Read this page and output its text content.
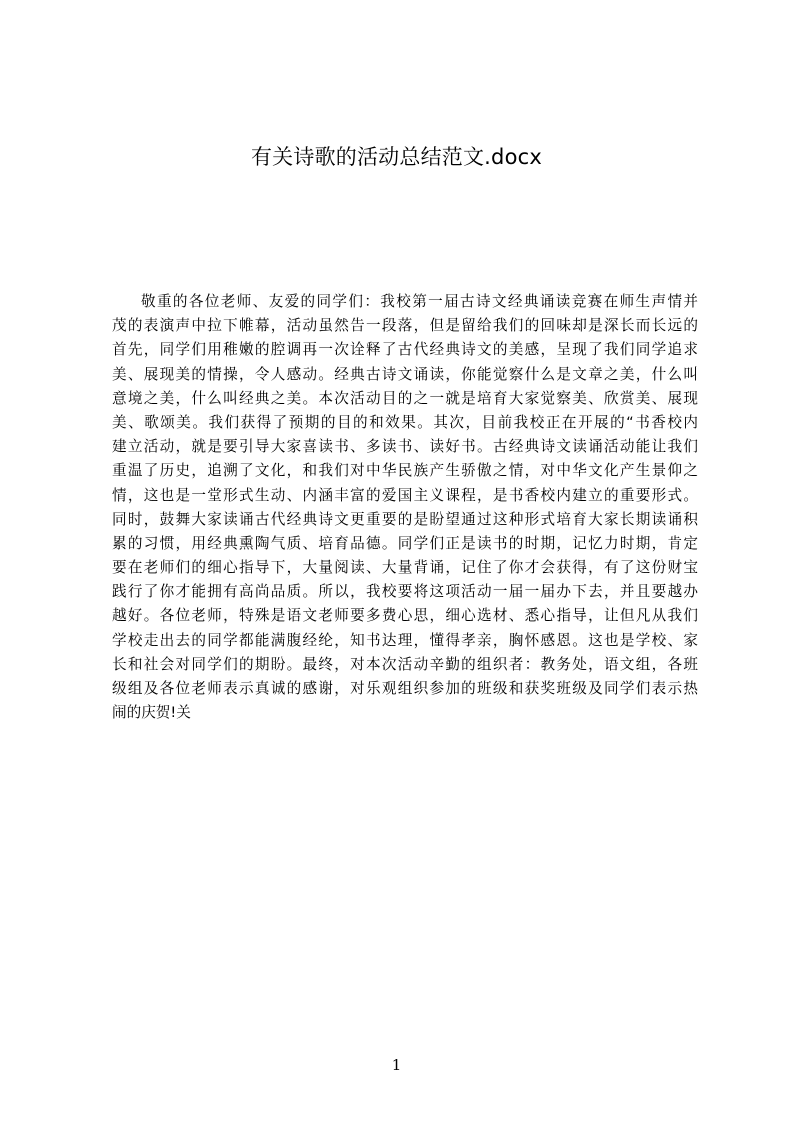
有关诗歌的活动总结范文.docx
敬重的各位老师、友爱的同学们：我校第一届古诗文经典诵读竞赛在师生声情并
茂的表演声中拉下帷幕，活动虽然告一段落，但是留给我们的回味却是深长而长远的
首先，同学们用稚嫩的腔调再一次诠释了古代经典诗文的美感，呈现了我们同学追求
美、展现美的情操，令人感动。经典古诗文诵读，你能觉察什么是文章之美，什么叫
意境之美，什么叫经典之美。本次活动目的之一就是培育大家觉察美、欣赏美、展现
美、歌颂美。我们获得了预期的目的和效果。其次，目前我校正在开展的“书香校内
建立活动，就是要引导大家喜读书、多读书、读好书。古经典诗文读诵活动能让我们
重温了历史，追溯了文化，和我们对中华民族产生骄傲之情，对中华文化产生景仰之
情，这也是一堂形式生动、内涵丰富的爱国主义课程，是书香校内建立的重要形式。
同时，鼓舞大家读诵古代经典诗文更重要的是盼望通过这种形式培育大家长期读诵积
累的习惯，用经典熏陶气质、培育品德。同学们正是读书的时期，记忆力时期，肯定
要在老师们的细心指导下，大量阅读、大量背诵，记住了你才会获得，有了这份财宝
践行了你才能拥有高尚品质。所以，我校要将这项活动一届一届办下去，并且要越办
越好。各位老师，特殊是语文老师要多费心思，细心选材、悉心指导，让但凡从我们
学校走出去的同学都能满腹经纶，知书达理，懂得孝亲，胸怀感恩。这也是学校、家
长和社会对同学们的期盼。最终，对本次活动辛勤的组织者：教务处，语文组，各班
级组及各位老师表示真诚的感谢，对乐观组织参加的班级和获奖班级及同学们表示热
闹的庆贺!关
1
